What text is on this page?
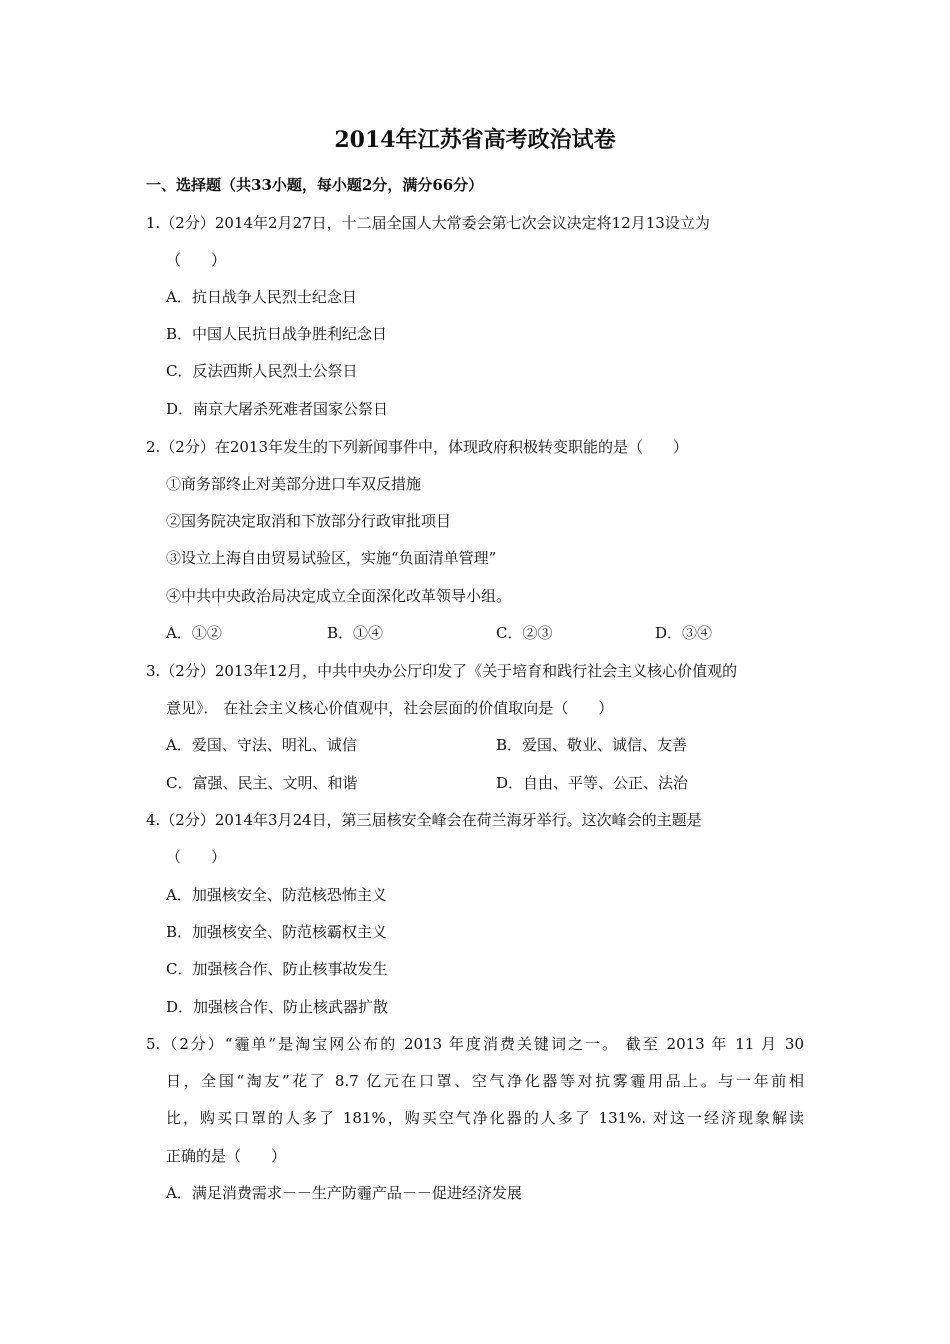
2014年江苏省高考政治试卷
一、选择题（共33小题，每小题2分，满分66分）
1.（2分）2014年2月27日，十二届全国人大常委会第七次会议决定将12月13设立为
（　　）
A．抗日战争人民烈士纪念日
B．中国人民抗日战争胜利纪念日
C．反法西斯人民烈士公祭日
D．南京大屠杀死难者国家公祭日
2.（2分）在2013年发生的下列新闻事件中，体现政府积极转变职能的是（　　）
①商务部终止对美部分进口车双反措施
②国务院决定取消和下放部分行政审批项目
③设立上海自由贸易试验区，实施“负面清单管理”
④中共中央政治局决定成立全面深化改革领导小组。
A．①②	B．①④	C．②③	D．③④
3.（2分）2013年12月，中共中央办公厅印发了《关于培育和践行社会主义核心价值观的
意见》． 在社会主义核心价值观中，社会层面的价值取向是（　　）
A．爱国、守法、明礼、诚信	B．爱国、敬业、诚信、友善
C．富强、民主、文明、和谐	D．自由、平等、公正、法治
4.（2分）2014年3月24日，第三届核安全峰会在荷兰海牙举行。这次峰会的主题是
（　　）
A．加强核安全、防范核恐怖主义
B．加强核安全、防范核霸权主义
C．加强核合作、防止核事故发生
D．加强核合作、防止核武器扩散
5.（2分）“霾单”是淘宝网公布的 2013 年度消费关键词之一。 截至 2013 年 11 月 30
日，全国“淘友”花了 8.7 亿元在口罩、空气净化器等对抗雾霾用品上。与一年前相
比，购买口罩的人多了 181%，购买空气净化器的人多了 131%. 对这一经济现象解读
正确的是（　　）
A．满足消费需求－－生产防霾产品－－促进经济发展
